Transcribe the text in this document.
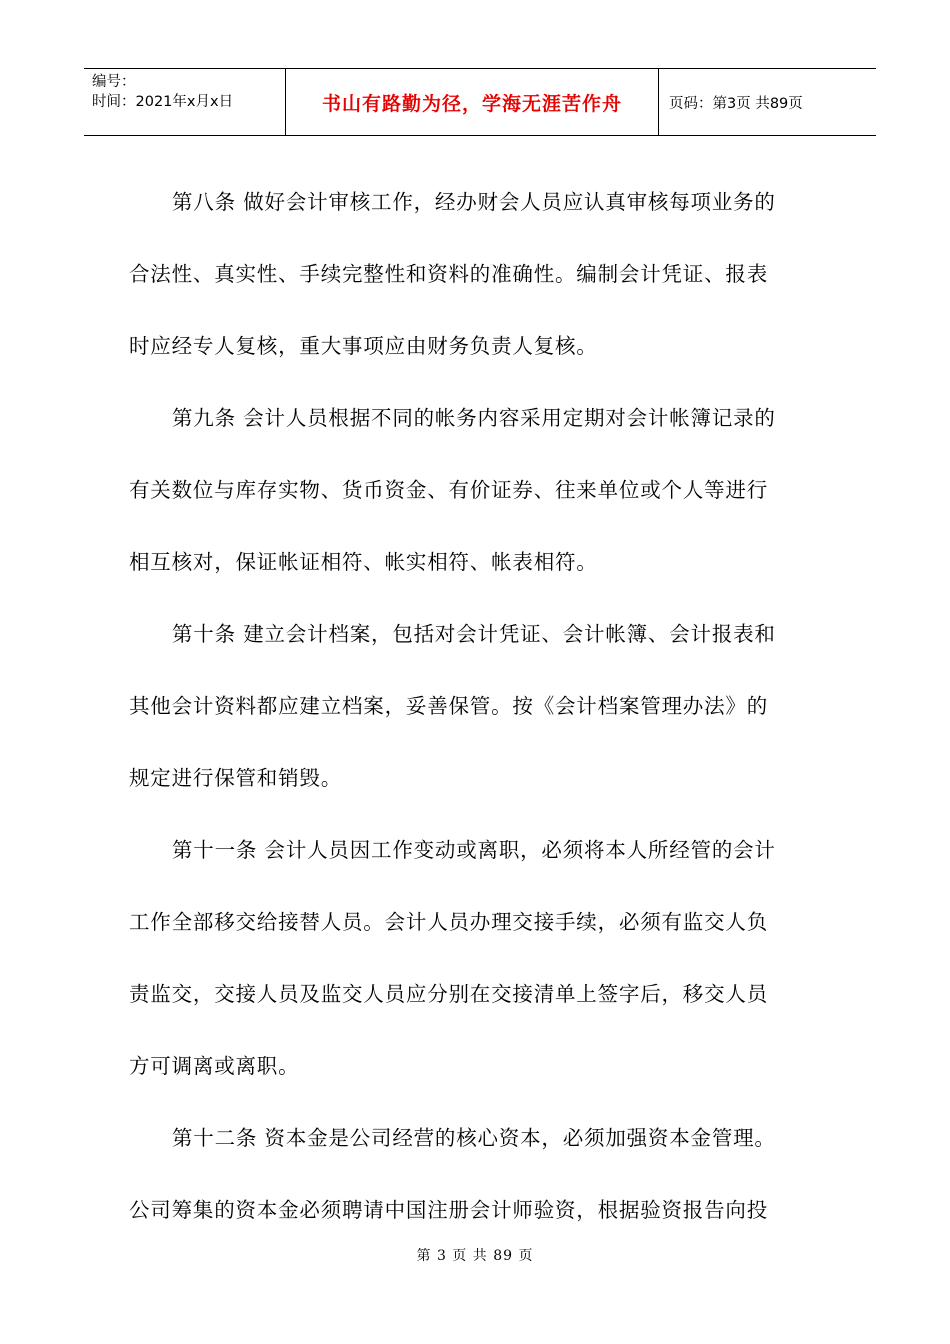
编号：
时间：2021年x月x日	书山有路勤为径，学海无涯苦作舟	页码：第3页 共89页

第八条 做好会计审核工作，经办财会人员应认真审核每项业务的
合法性、真实性、手续完整性和资料的准确性。编制会计凭证、报表
时应经专人复核，重大事项应由财务负责人复核。

第九条 会计人员根据不同的帐务内容采用定期对会计帐簿记录的
有关数位与库存实物、货币资金、有价证券、往来单位或个人等进行
相互核对，保证帐证相符、帐实相符、帐表相符。

第十条 建立会计档案，包括对会计凭证、会计帐簿、会计报表和
其他会计资料都应建立档案，妥善保管。按《会计档案管理办法》的
规定进行保管和销毁。

第十一条 会计人员因工作变动或离职，必须将本人所经管的会计
工作全部移交给接替人员。会计人员办理交接手续，必须有监交人负
责监交，交接人员及监交人员应分别在交接清单上签字后，移交人员
方可调离或离职。

第十二条 资本金是公司经营的核心资本，必须加强资本金管理。
公司筹集的资本金必须聘请中国注册会计师验资，根据验资报告向投

第 3 页 共 89 页
